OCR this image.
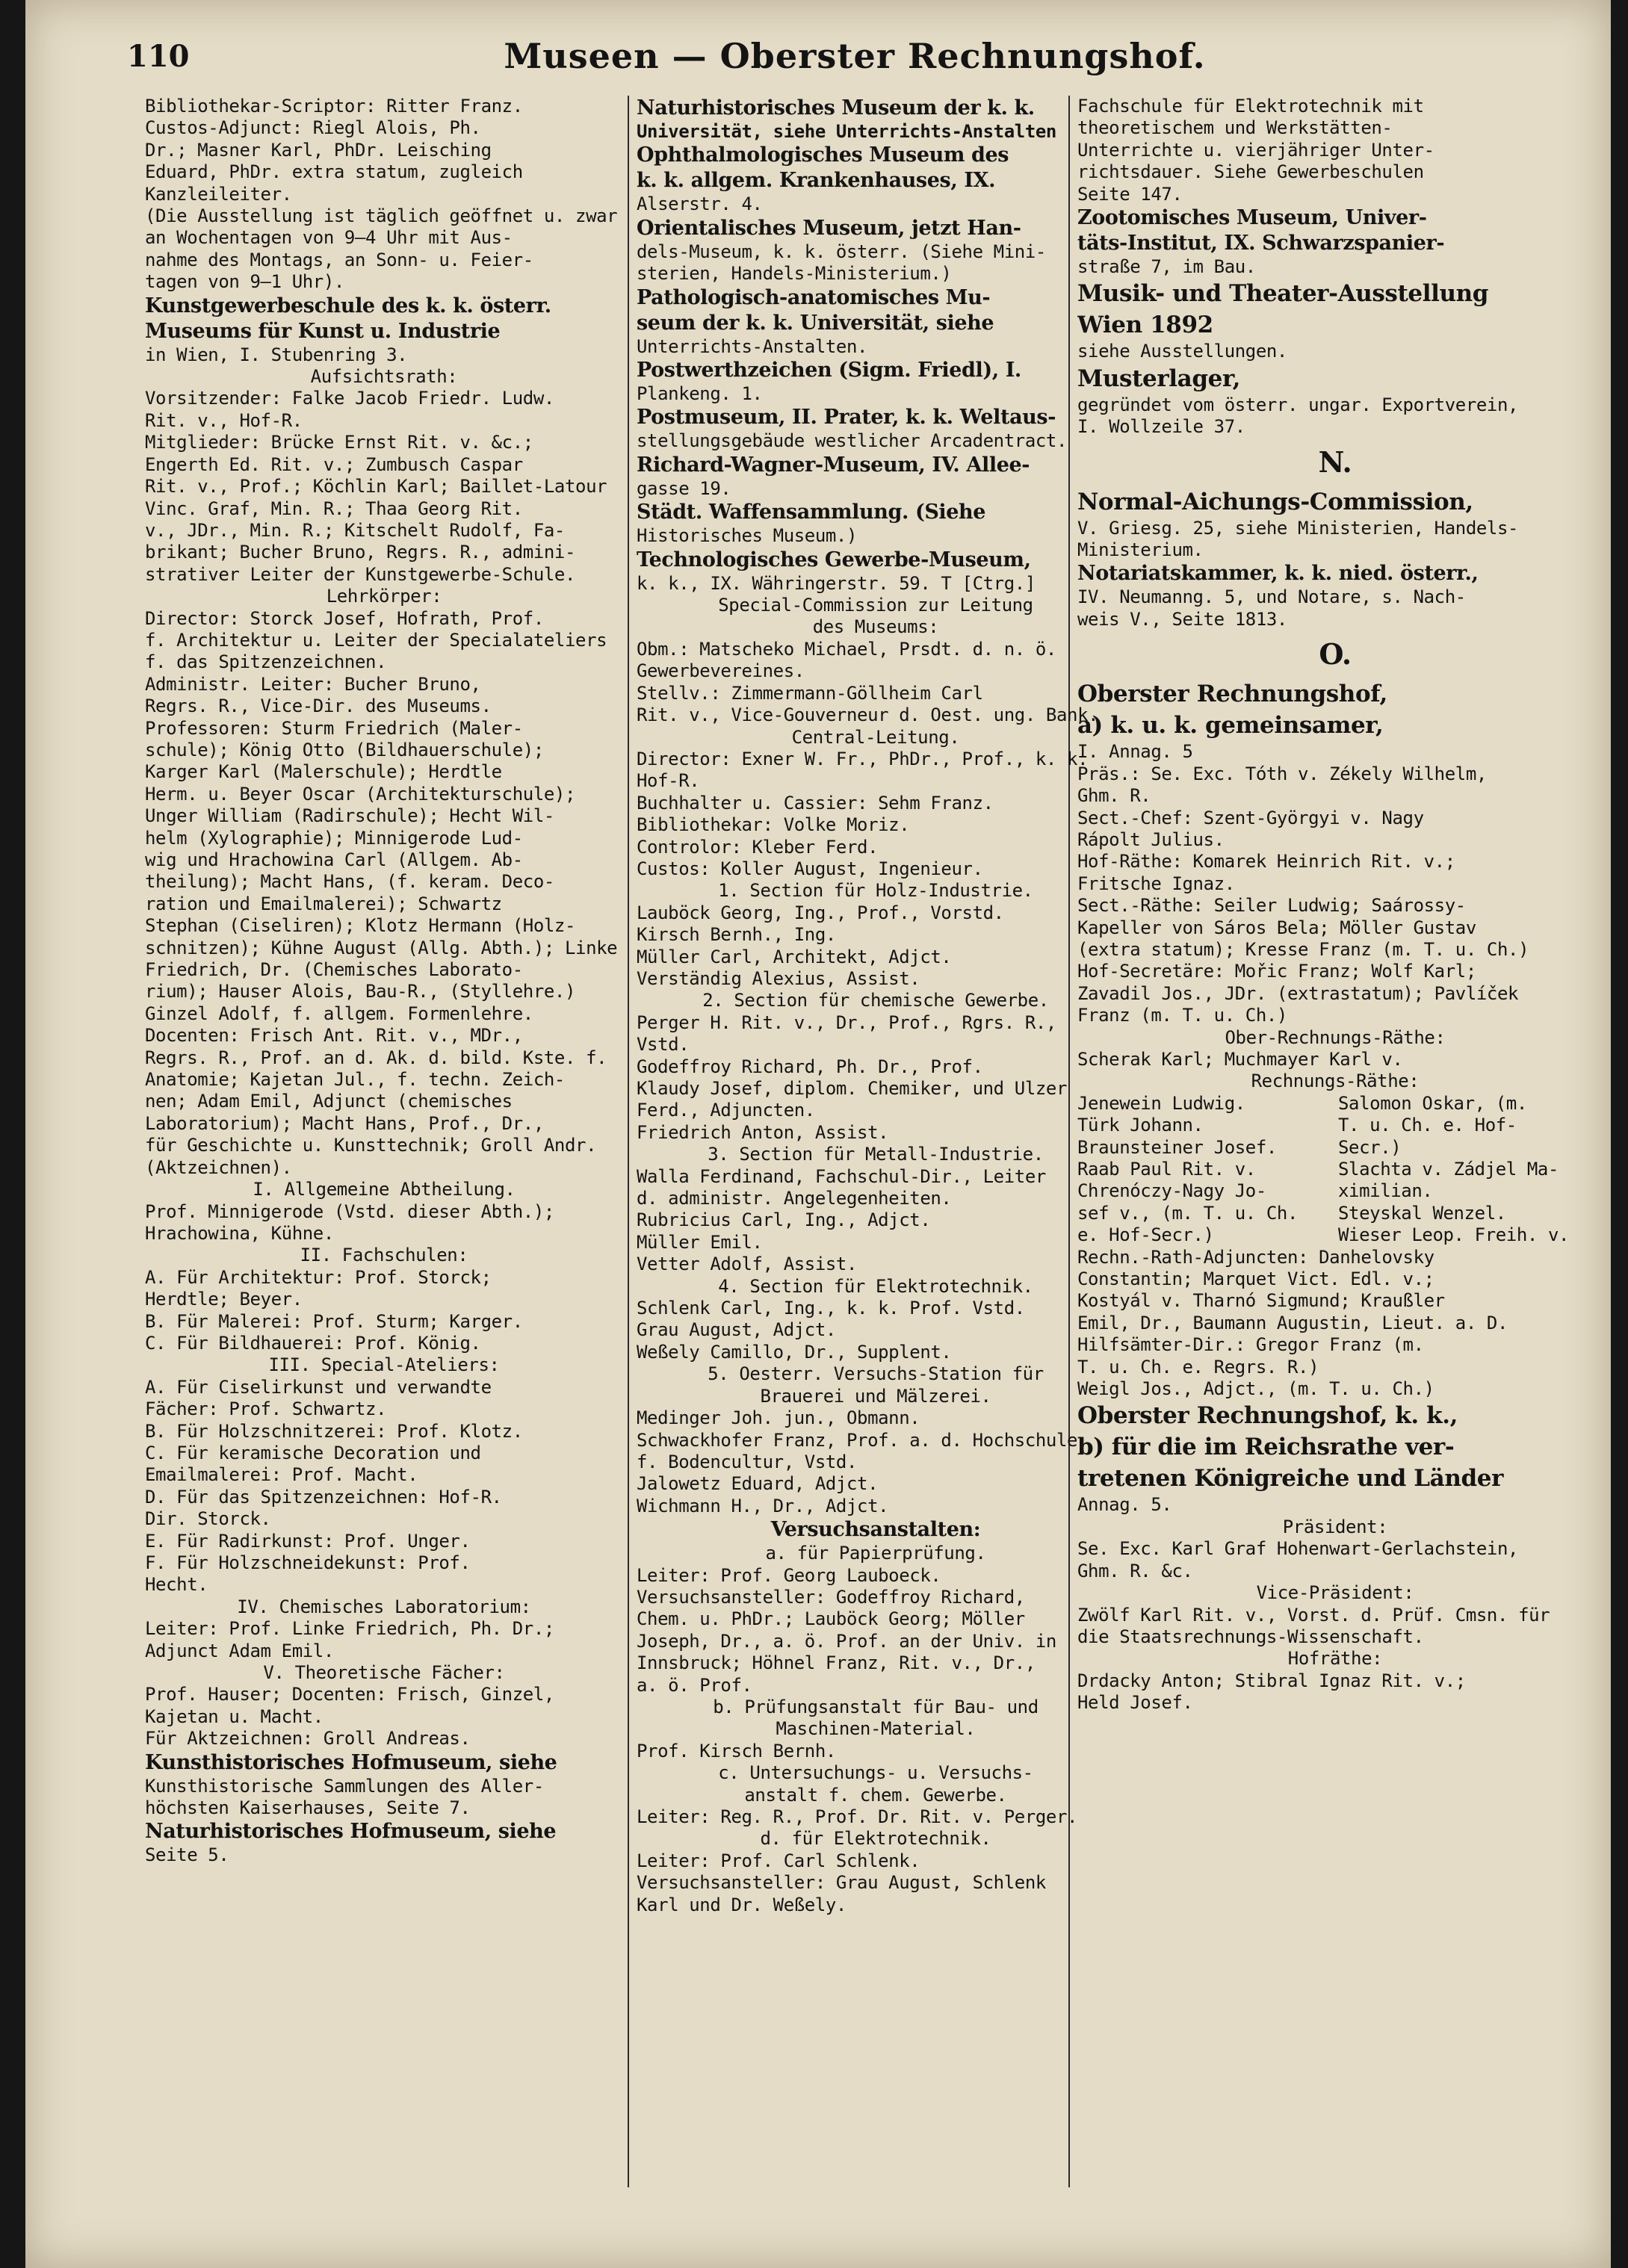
110	Museen — Oberster Rechnungshof.
Bibliothekar-Scriptor: Ritter Franz.
Custos-Adjunct: Riegl Alois, Ph.
Dr.; Masner Karl, PhDr. Leisching
Eduard, PhDr. extra statum, zugleich
Kanzleileiter.
(Die Ausstellung ist täglich geöffnet u. zwar
an Wochentagen von 9—4 Uhr mit Aus-
nahme des Montags, an Sonn- u. Feier-
tagen von 9—1 Uhr).
Kunstgewerbeschule des k. k. österr.
Museums für Kunst u. Industrie
in Wien, I. Stubenring 3.
Aufsichtsrath:
Vorsitzender: Falke Jacob Friedr. Ludw.
Rit. v., Hof-R.
Mitglieder: Brücke Ernst Rit. v. &c.;
Engerth Ed. Rit. v.; Zumbusch Caspar
Rit. v., Prof.; Köchlin Karl; Baillet-Latour
Vinc. Graf, Min. R.; Thaa Georg Rit.
v., JDr., Min. R.; Kitschelt Rudolf, Fa-
brikant; Bucher Bruno, Regrs. R., admini-
strativer Leiter der Kunstgewerbe-Schule.
Lehrkörper:
Director: Storck Josef, Hofrath, Prof.
f. Architektur u. Leiter der Specialateliers
f. das Spitzenzeichnen.
Administr. Leiter: Bucher Bruno,
Regrs. R., Vice-Dir. des Museums.
Professoren: Sturm Friedrich (Maler-
schule); König Otto (Bildhauerschule);
Karger Karl (Malerschule); Herdtle
Herm. u. Beyer Oscar (Architekturschule);
Unger William (Radirschule); Hecht Wil-
helm (Xylographie); Minnigerode Lud-
wig und Hrachowina Carl (Allgem. Ab-
theilung); Macht Hans, (f. keram. Deco-
ration und Emailmalerei); Schwartz
Stephan (Ciseliren); Klotz Hermann (Holz-
schnitzen); Kühne August (Allg. Abth.); Linke
Friedrich, Dr. (Chemisches Laborato-
rium); Hauser Alois, Bau-R., (Styllehre.)
Ginzel Adolf, f. allgem. Formenlehre.
Docenten: Frisch Ant. Rit. v., MDr.,
Regrs. R., Prof. an d. Ak. d. bild. Kste. f.
Anatomie; Kajetan Jul., f. techn. Zeich-
nen; Adam Emil, Adjunct (chemisches
Laboratorium); Macht Hans, Prof., Dr.,
für Geschichte u. Kunsttechnik; Groll Andr.
(Aktzeichnen).
I. Allgemeine Abtheilung.
Prof. Minnigerode (Vstd. dieser Abth.);
Hrachowina, Kühne.
II. Fachschulen:
A. Für Architektur: Prof. Storck;
Herdtle; Beyer.
B. Für Malerei: Prof. Sturm; Karger.
C. Für Bildhauerei: Prof. König.
III. Special-Ateliers:
A. Für Ciselirkunst und verwandte
Fächer: Prof. Schwartz.
B. Für Holzschnitzerei: Prof. Klotz.
C. Für keramische Decoration und
Emailmalerei: Prof. Macht.
D. Für das Spitzenzeichnen: Hof-R.
Dir. Storck.
E. Für Radirkunst: Prof. Unger.
F. Für Holzschneidekunst: Prof.
Hecht.
IV. Chemisches Laboratorium:
Leiter: Prof. Linke Friedrich, Ph. Dr.;
Adjunct Adam Emil.
V. Theoretische Fächer:
Prof. Hauser; Docenten: Frisch, Ginzel,
Kajetan u. Macht.
Für Aktzeichnen: Groll Andreas.
Kunsthistorisches Hofmuseum, siehe
Kunsthistorische Sammlungen des Aller-
höchsten Kaiserhauses, Seite 7.
Naturhistorisches Hofmuseum, siehe
Seite 5.
Naturhistorisches Museum der k. k.
Universität, siehe Unterrichts-Anstalten
Ophthalmologisches Museum des
k. k. allgem. Krankenhauses, IX.
Alserstr. 4.
Orientalisches Museum, jetzt Han-
dels-Museum, k. k. österr. (Siehe Mini-
sterien, Handels-Ministerium.)
Pathologisch-anatomisches Mu-
seum der k. k. Universität, siehe
Unterrichts-Anstalten.
Postwerthzeichen (Sigm. Friedl), I.
Plankeng. 1.
Postmuseum, II. Prater, k. k. Weltaus-
stellungsgebäude westlicher Arcadentract.
Richard-Wagner-Museum, IV. Allee-
gasse 19.
Städt. Waffensammlung. (Siehe
Historisches Museum.)
Technologisches Gewerbe-Museum,
k. k., IX. Währingerstr. 59. T [Ctrg.]
Special-Commission zur Leitung
des Museums:
Obm.: Matscheko Michael, Prsdt. d. n. ö.
Gewerbevereines.
Stellv.: Zimmermann-Göllheim Carl
Rit. v., Vice-Gouverneur d. Oest. ung. Bank.
Central-Leitung.
Director: Exner W. Fr., PhDr., Prof., k. k.
Hof-R.
Buchhalter u. Cassier: Sehm Franz.
Bibliothekar: Volke Moriz.
Controlor: Kleber Ferd.
Custos: Koller August, Ingenieur.
1. Section für Holz-Industrie.
Lauböck Georg, Ing., Prof., Vorstd.
Kirsch Bernh., Ing.
Müller Carl, Architekt, Adjct.
Verständig Alexius, Assist.
2. Section für chemische Gewerbe.
Perger H. Rit. v., Dr., Prof., Rgrs. R., Vstd.
Godeffroy Richard, Ph. Dr., Prof.
Klaudy Josef, diplom. Chemiker, und Ulzer
Ferd., Adjuncten.
Friedrich Anton, Assist.
3. Section für Metall-Industrie.
Walla Ferdinand, Fachschul-Dir., Leiter
d. administr. Angelegenheiten.
Rubricius Carl, Ing., Adjct.
Müller Emil.
Vetter Adolf, Assist.
4. Section für Elektrotechnik.
Schlenk Carl, Ing., k. k. Prof. Vstd.
Grau August, Adjct.
Weßely Camillo, Dr., Supplent.
5. Oesterr. Versuchs-Station für
Brauerei und Mälzerei.
Medinger Joh. jun., Obmann.
Schwackhofer Franz, Prof. a. d. Hochschule
f. Bodencultur, Vstd.
Jalowetz Eduard, Adjct.
Wichmann H., Dr., Adjct.
Versuchsanstalten:
a. für Papierprüfung.
Leiter: Prof. Georg Lauboeck.
Versuchsansteller: Godeffroy Richard,
Chem. u. PhDr.; Lauböck Georg; Möller
Joseph, Dr., a. ö. Prof. an der Univ. in
Innsbruck; Höhnel Franz, Rit. v., Dr.,
a. ö. Prof.
b. Prüfungsanstalt für Bau- und
Maschinen-Material.
Prof. Kirsch Bernh.
c. Untersuchungs- u. Versuchs-
anstalt f. chem. Gewerbe.
Leiter: Reg. R., Prof. Dr. Rit. v. Perger.
d. für Elektrotechnik.
Leiter: Prof. Carl Schlenk.
Versuchsansteller: Grau August, Schlenk
Karl und Dr. Weßely.
Fachschule für Elektrotechnik mit
theoretischem und Werkstätten-
Unterrichte u. vierjähriger Unter-
richtsdauer. Siehe Gewerbeschulen
Seite 147.
Zootomisches Museum, Univer-
täts-Institut, IX. Schwarzspanier-
straße 7, im Bau.
Musik- und Theater-Ausstellung
Wien 1892
siehe Ausstellungen.
Musterlager,
gegründet vom österr. ungar. Exportverein,
I. Wollzeile 37.
N.
Normal-Aichungs-Commission,
V. Griesg. 25, siehe Ministerien, Handels-
Ministerium.
Notariatskammer, k. k. nied. österr.,
IV. Neumanng. 5, und Notare, s. Nach-
weis V., Seite 1813.
O.
Oberster Rechnungshof,
a) k. u. k. gemeinsamer,
I. Annag. 5
Präs.: Se. Exc. Tóth v. Zékely Wilhelm,
Ghm. R.
Sect.-Chef: Szent-Györgyi v. Nagy
Rápolt Julius.
Hof-Räthe: Komarek Heinrich Rit. v.;
Fritsche Ignaz.
Sect.-Räthe: Seiler Ludwig; Saárossy-
Kapeller von Sáros Bela; Möller Gustav
(extra statum); Kresse Franz (m. T. u. Ch.)
Hof-Secretäre: Mořic Franz; Wolf Karl;
Zavadil Jos., JDr. (extrastatum); Pavlíček
Franz (m. T. u. Ch.)
Ober-Rechnungs-Räthe:
Scherak Karl; Muchmayer Karl v.
Rechnungs-Räthe:
Jenewein Ludwig.
Türk Johann.
Braunsteiner Josef.
Raab Paul Rit. v.
Chrenóczy-Nagy Jo-
sef v., (m. T. u. Ch.
e. Hof-Secr.)
Salomon Oskar, (m.
T. u. Ch. e. Hof-
Secr.)
Slachta v. Zádjel Ma-
ximilian.
Steyskal Wenzel.
Wieser Leop. Freih. v.
Rechn.-Rath-Adjuncten: Danhelovsky
Constantin; Marquet Vict. Edl. v.;
Kostyál v. Tharnó Sigmund; Kraußler
Emil, Dr., Baumann Augustin, Lieut. a. D.
Hilfsämter-Dir.: Gregor Franz (m.
T. u. Ch. e. Regrs. R.)
Weigl Jos., Adjct., (m. T. u. Ch.)
Oberster Rechnungshof, k. k.,
b) für die im Reichsrathe ver-
tretenen Königreiche und Länder
Annag. 5.
Präsident:
Se. Exc. Karl Graf Hohenwart-Gerlachstein,
Ghm. R. &c.
Vice-Präsident:
Zwölf Karl Rit. v., Vorst. d. Prüf. Cmsn. für
die Staatsrechnungs-Wissenschaft.
Hofräthe:
Drdacky Anton; Stibral Ignaz Rit. v.;
Held Josef.
